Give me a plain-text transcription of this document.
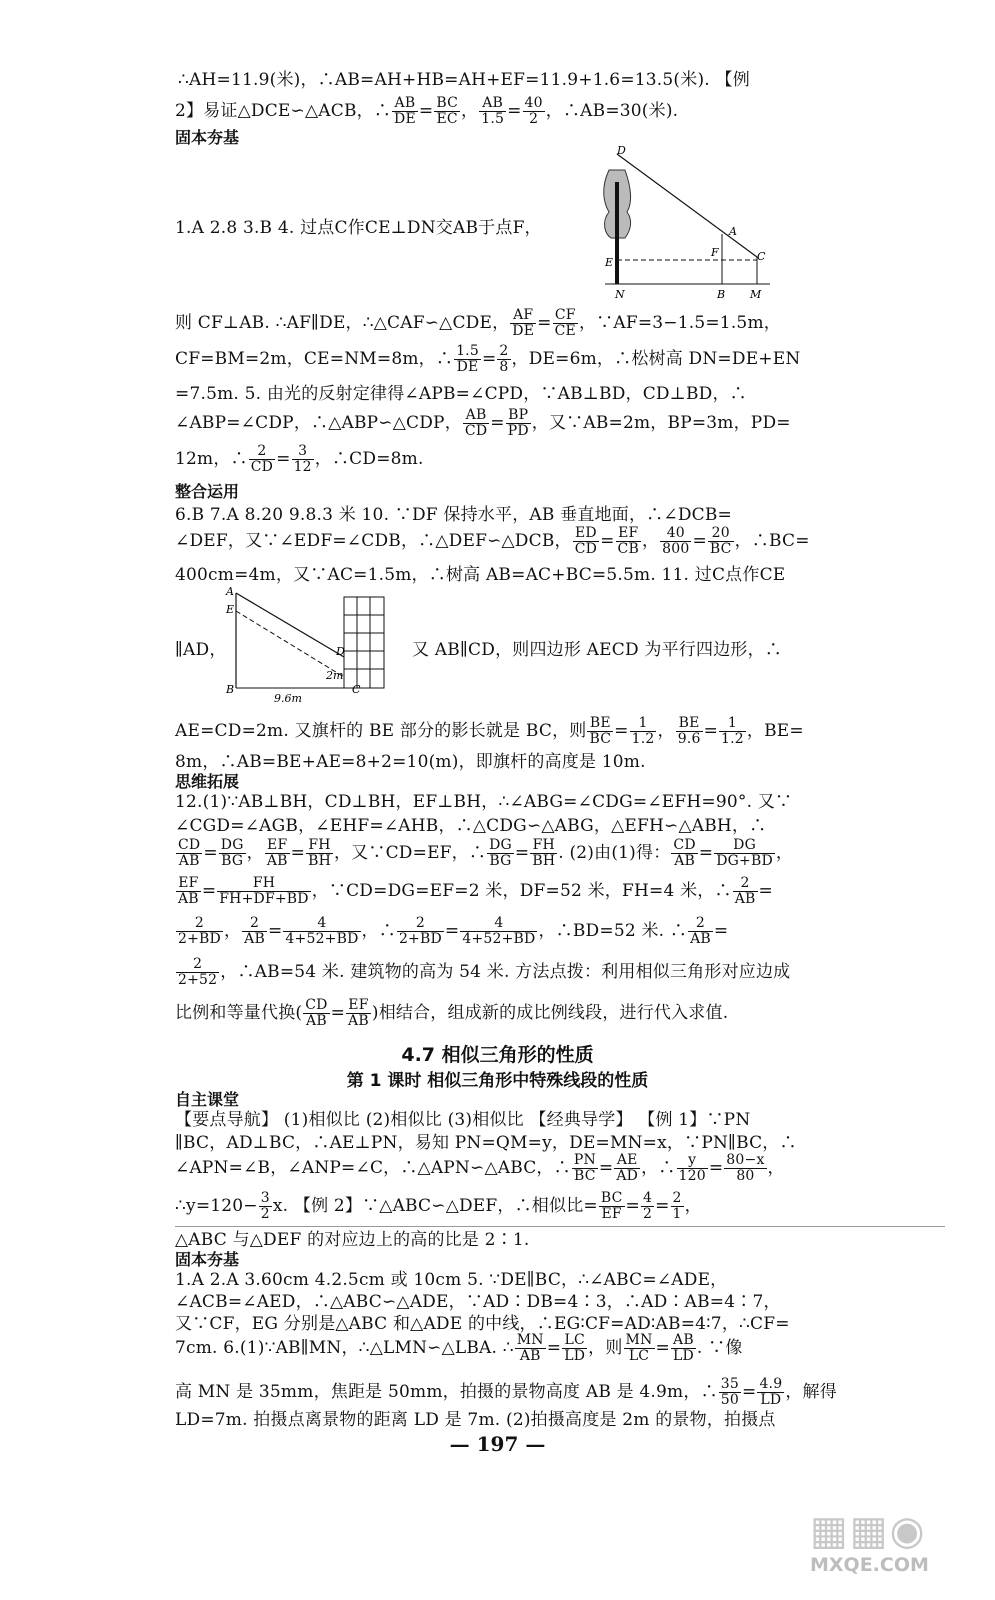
∴AH=11.9(米)，∴AB=AH+HB=AH+EF=11.9+1.6=13.5(米). 【例
2】易证△DCE∽△ACB，∴ $\frac{AB}{DE} = \frac{BC}{EC}$ ， $\frac{AB}{1.5} = \frac{40}{2}$ ，∴AB=30(米).
固本夯基
D
A
F	C
E
N	B M
1.A 2.8 3.B 4. 过点C作CE⊥DN交AB于点F，
则 CF⊥AB. ∴AF∥DE，∴△CAF∽△CDE， $\frac{AF}{DE} = \frac{CF}{CE}$ ，∵AF=3−1.5=1.5m，
CF=BM=2m，CE=NM=8m，∴ $\frac{1.5}{DE} = \frac{2}{8}$ ，DE=6m，∴松树高 DN=DE+EN
=7.5m. 5. 由光的反射定律得∠APB=∠CPD，∵AB⊥BD，CD⊥BD，∴
∠ABP=∠CDP，∴△ABP∽△CDP， $\frac{AB}{CD} = \frac{BP}{PD}$ ，又∵AB=2m，BP=3m，PD=
12m，∴ $\frac{2}{CD} = \frac{3}{12}$ ，∴CD=8m.
整合运用
6.B 7.A 8.20 9.8.3 米 10. ∵DF 保持水平，AB 垂直地面，∴∠DCB=
∠DEF，又∵∠EDF=∠CDB，∴△DEF∽△DCB， $\frac{ED}{CD} = \frac{EF}{CB}$ ， $\frac{40}{800} = \frac{20}{BC}$ ，∴BC=
400cm=4m，又∵AC=1.5m，∴树高 AB=AC+BC=5.5m. 11. 过C点作CE
A
E
D
2m
B	C
9.6m
∥AD，	又 AB∥CD，则四边形 AECD 为平行四边形，∴
AE=CD=2m. 又旗杆的 BE 部分的影长就是 BC，则 $\frac{BE}{BC} = \frac{1}{1.2}$ ， $\frac{BE}{9.6} = \frac{1}{1.2}$ ，BE=
8m，∴AB=BE+AE=8+2=10(m)，即旗杆的高度是 10m.
思维拓展
12.(1)∵AB⊥BH，CD⊥BH，EF⊥BH，∴∠ABG=∠CDG=∠EFH=90°. 又∵
∠CGD=∠AGB，∠EHF=∠AHB，∴△CDG∽△ABG，△EFH∽△ABH，∴
$\frac{CD}{AB} = \frac{DG}{BG}$ ， $\frac{EF}{AB} = \frac{FH}{BH}$ ，又∵CD=EF，∴ $\frac{DG}{BG} = \frac{FH}{BH}$ . (2)由(1)得： $\frac{CD}{AB} = \frac{DG}{DG+BD}$ ，
$\frac{EF}{AB} = \frac{FH}{FH+DF+BD}$ ，∵CD=DG=EF=2 米，DF=52 米，FH=4 米，∴ $\frac{2}{AB}$ =
$\frac{2}{2+BD}$ ， $\frac{2}{AB} = \frac{4}{4+52+BD}$ ，∴ $\frac{2}{2+BD} = \frac{4}{4+52+BD}$ ，∴BD=52 米. ∴ $\frac{2}{AB}$ =
$\frac{2}{2+52}$ ，∴AB=54 米. 建筑物的高为 54 米. 方法点拨：利用相似三角形对应边成
比例和等量代换( $\frac{CD}{AB} = \frac{EF}{AB}$ )相结合，组成新的成比例线段，进行代入求值.
4.7 相似三角形的性质
第 1 课时 相似三角形中特殊线段的性质
自主课堂
【要点导航】 (1)相似比 (2)相似比 (3)相似比 【经典导学】 【例 1】∵PN
∥BC，AD⊥BC，∴AE⊥PN，易知 PN=QM=y，DE=MN=x，∵PN∥BC，∴
∠APN=∠B，∠ANP=∠C，∴△APN∽△ABC，∴ $\frac{PN}{BC} = \frac{AE}{AD}$ ，∴ $\frac{y}{120} = \frac{80-x}{80}$ ，
∴y=120− $\frac{3}{2} x$. 【例 2】∵△ABC∽△DEF，∴相似比= $\frac{BC}{EF} = \frac{4}{2} = \frac{2}{1}$ ，
△ABC 与△DEF 的对应边上的高的比是 2∶1.
固本夯基
1.A 2.A 3.60cm 4.2.5cm 或 10cm 5. ∵DE∥BC，∴∠ABC=∠ADE，
∠ACB=∠AED，∴△ABC∽△ADE，∵AD∶DB=4∶3，∴AD∶AB=4∶7，
又∵CF，EG 分别是△ABC 和△ADE 的中线，∴EG∶CF=AD∶AB=4∶7，∴CF=
7cm. 6.(1)∵AB∥MN，∴△LMN∽△LBA. ∴ $\frac{MN}{AB} = \frac{LC}{LD}$ ，则 $\frac{MN}{LC} = \frac{AB}{LD}$ . ∵像
高 MN 是 35mm，焦距是 50mm，拍摄的景物高度 AB 是 4.9m，∴ $\frac{35}{50} = \frac{4.9}{LD}$ ，解得
LD=7m. 拍摄点离景物的距离 LD 是 7m. (2)拍摄高度是 2m 的景物，拍摄点
— 197 —
▦▦◉
MXQE.COM
